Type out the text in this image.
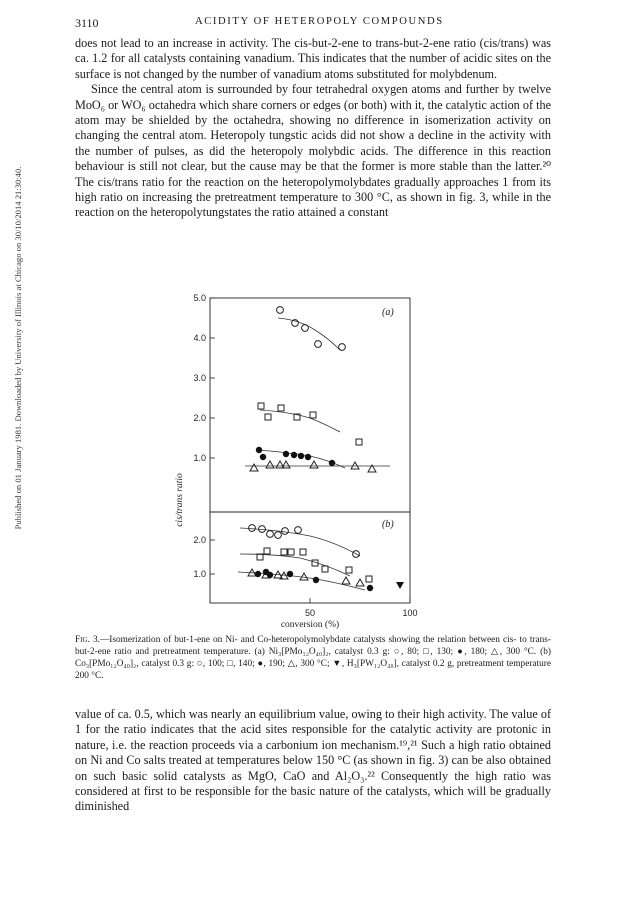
Published on 01 January 1981. Downloaded by University of Illinois at Chicago on 30/10/2014 21:30:40.
3110	ACIDITY OF HETEROPOLY COMPOUNDS

does not lead to an increase in activity. The cis-but-2-ene to trans-but-2-ene ratio (cis/trans) was ca. 1.2 for all catalysts containing vanadium. This indicates that the number of acidic sites on the surface is not changed by the number of vanadium atoms substituted for molybdenum.

Since the central atom is surrounded by four tetrahedral oxygen atoms and further by twelve MoO₆ or WO₆ octahedra which share corners or edges (or both) with it, the catalytic action of the atom may be shielded by the octahedra, showing no difference in isomerization activity on changing the central atom. Heteropoly tungstic acids did not show a decline in the activity with the number of pulses, as did the heteropoly molybdic acids. The difference in this reaction behaviour is still not clear, but the cause may be that the former is more stable than the latter.²⁰ The cis/trans ratio for the reaction on the heteropolymolybdates gradually approaches 1 from its high ratio on increasing the pretreatment temperature to 300 °C, as shown in fig. 3, while in the reaction on the heteropolytungstates the ratio attained a constant

5.0
4.0
3.0
2.0
1.0
2.0
1.0
50	100
conversion (%)
cis/trans ratio
(a)
(b)
Fig. 3.—Isomerization of but-1-ene on Ni- and Co-heteropolymolybdate catalysts showing the relation between cis- to trans-but-2-ene ratio and pretreatment temperature. (a) Ni₃[PMo₁₂O₄₀]₂, catalyst 0.3 g: ○, 80; □, 130; ●, 180; △, 300 °C. (b) Co₃[PMo₁₂O₄₀]₂, catalyst 0.3 g: ○, 100; □, 140; ●, 190; △, 300 °C; ▼, H₃[PW₁₂O₄₀], catalyst 0.2 g, pretreatment temperature 200 °C.

value of ca. 0.5, which was nearly an equilibrium value, owing to their high activity. The value of 1 for the ratio indicates that the acid sites responsible for the catalytic activity are protonic in nature, i.e. the reaction proceeds via a carbonium ion mechanism.¹⁹,²¹ Such a high ratio obtained on Ni and Co salts treated at temperatures below 150 °C (as shown in fig. 3) can be also obtained on such basic solid catalysts as MgO, CaO and Al₂O₃.²² Consequently the high ratio was considered at first to be responsible for the basic nature of the catalysts, which will be gradually diminished
